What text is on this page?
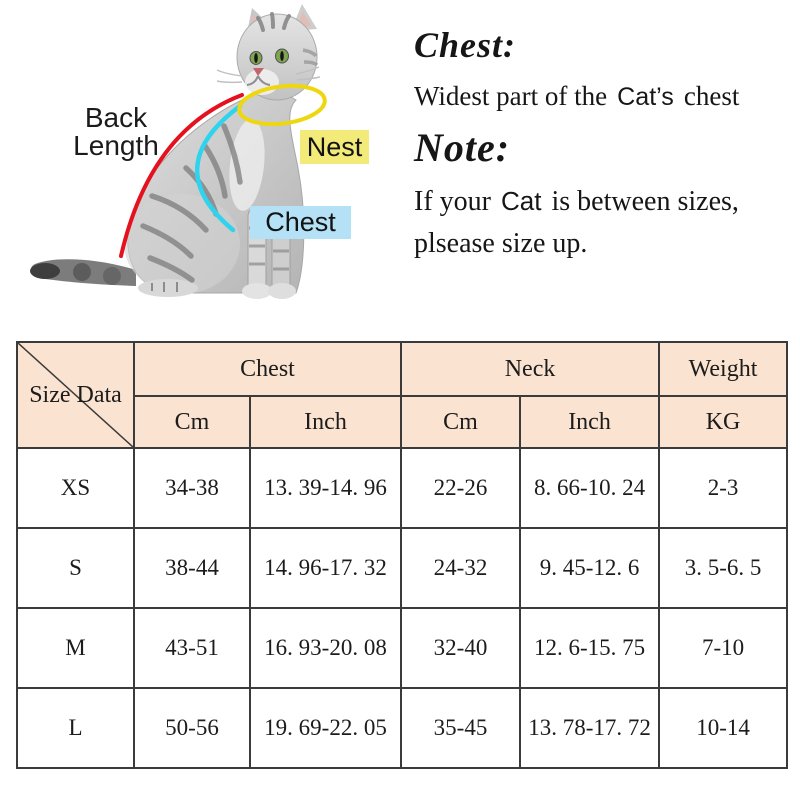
Back
Length	Nest
Chest
Chest:
Widest part of the Cat’s chest
Note:
If your Cat is between sizes,
plsease size up.
Size Data	Chest		Neck		Weight
	Cm	Inch	Cm	Inch	KG
XS	34-38	13. 39-14. 96	22-26	8. 66-10. 24	2-3
S	38-44	14. 96-17. 32	24-32	9. 45-12. 6	3. 5-6. 5
M	43-51	16. 93-20. 08	32-40	12. 6-15. 75	7-10
L	50-56	19. 69-22. 05	35-45	13. 78-17. 72	10-14
